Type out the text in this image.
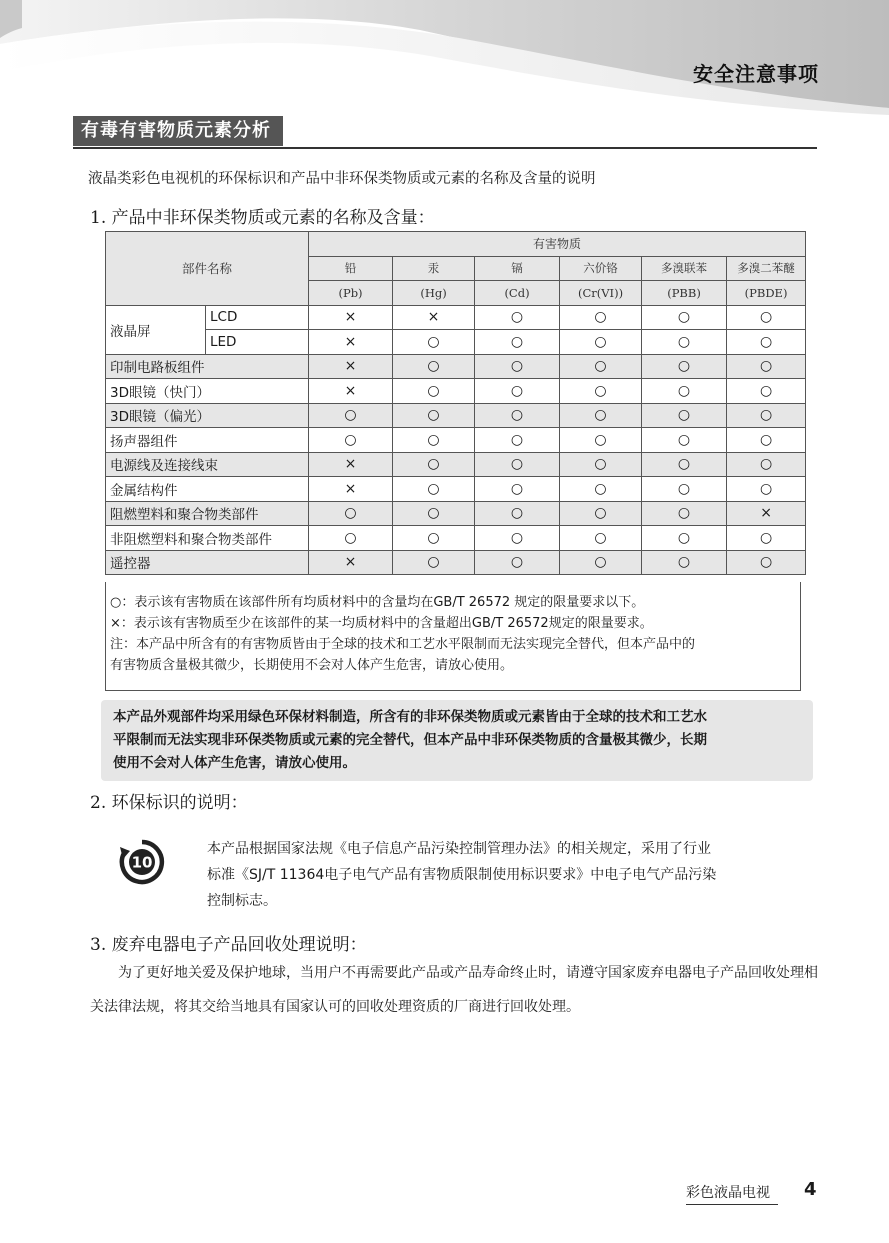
安全注意事项
有毒有害物质元素分析
液晶类彩色电视机的环保标识和产品中非环保类物质或元素的名称及含量的说明
1. 产品中非环保类物质或元素的名称及含量：
部件名称		有害物质					
		铅	汞	镉	六价铬	多溴联苯	多溴二苯醚
		(Pb)	(Hg)	(Cd)	(Cr(VI))	(PBB)	(PBDE)
液晶屏	LCD	×	×	○	○	○	○
	LED	×	○	○	○	○	○
印制电路板组件		×	○	○	○	○	○
3D眼镜（快门）		×	○	○	○	○	○
3D眼镜（偏光）		○	○	○	○	○	○
扬声器组件		○	○	○	○	○	○
电源线及连接线束		×	○	○	○	○	○
金属结构件		×	○	○	○	○	○
阻燃塑料和聚合物类部件		○	○	○	○	○	×
非阻燃塑料和聚合物类部件		○	○	○	○	○	○
遥控器		×	○	○	○	○	○
○：表示该有害物质在该部件所有均质材料中的含量均在GB/T 26572 规定的限量要求以下。
×：表示该有害物质至少在该部件的某一均质材料中的含量超出GB/T 26572规定的限量要求。
注：本产品中所含有的有害物质皆由于全球的技术和工艺水平限制而无法实现完全替代，但本产品中的
有害物质含量极其微少，长期使用不会对人体产生危害，请放心使用。
本产品外观部件均采用绿色环保材料制造，所含有的非环保类物质或元素皆由于全球的技术和工艺水
平限制而无法实现非环保类物质或元素的完全替代，但本产品中非环保类物质的含量极其微少，长期
使用不会对人体产生危害，请放心使用。
2. 环保标识的说明：
10
本产品根据国家法规《电子信息产品污染控制管理办法》的相关规定，采用了行业
标准《SJ/T 11364电子电气产品有害物质限制使用标识要求》中电子电气产品污染
控制标志。
3. 废弃电器电子产品回收处理说明：
为了更好地关爱及保护地球，当用户不再需要此产品或产品寿命终止时，请遵守国家废弃电器电子产品回收处理相关法律法规，将其交给当地具有国家认可的回收处理资质的厂商进行回收处理。
彩色液晶电视 4
